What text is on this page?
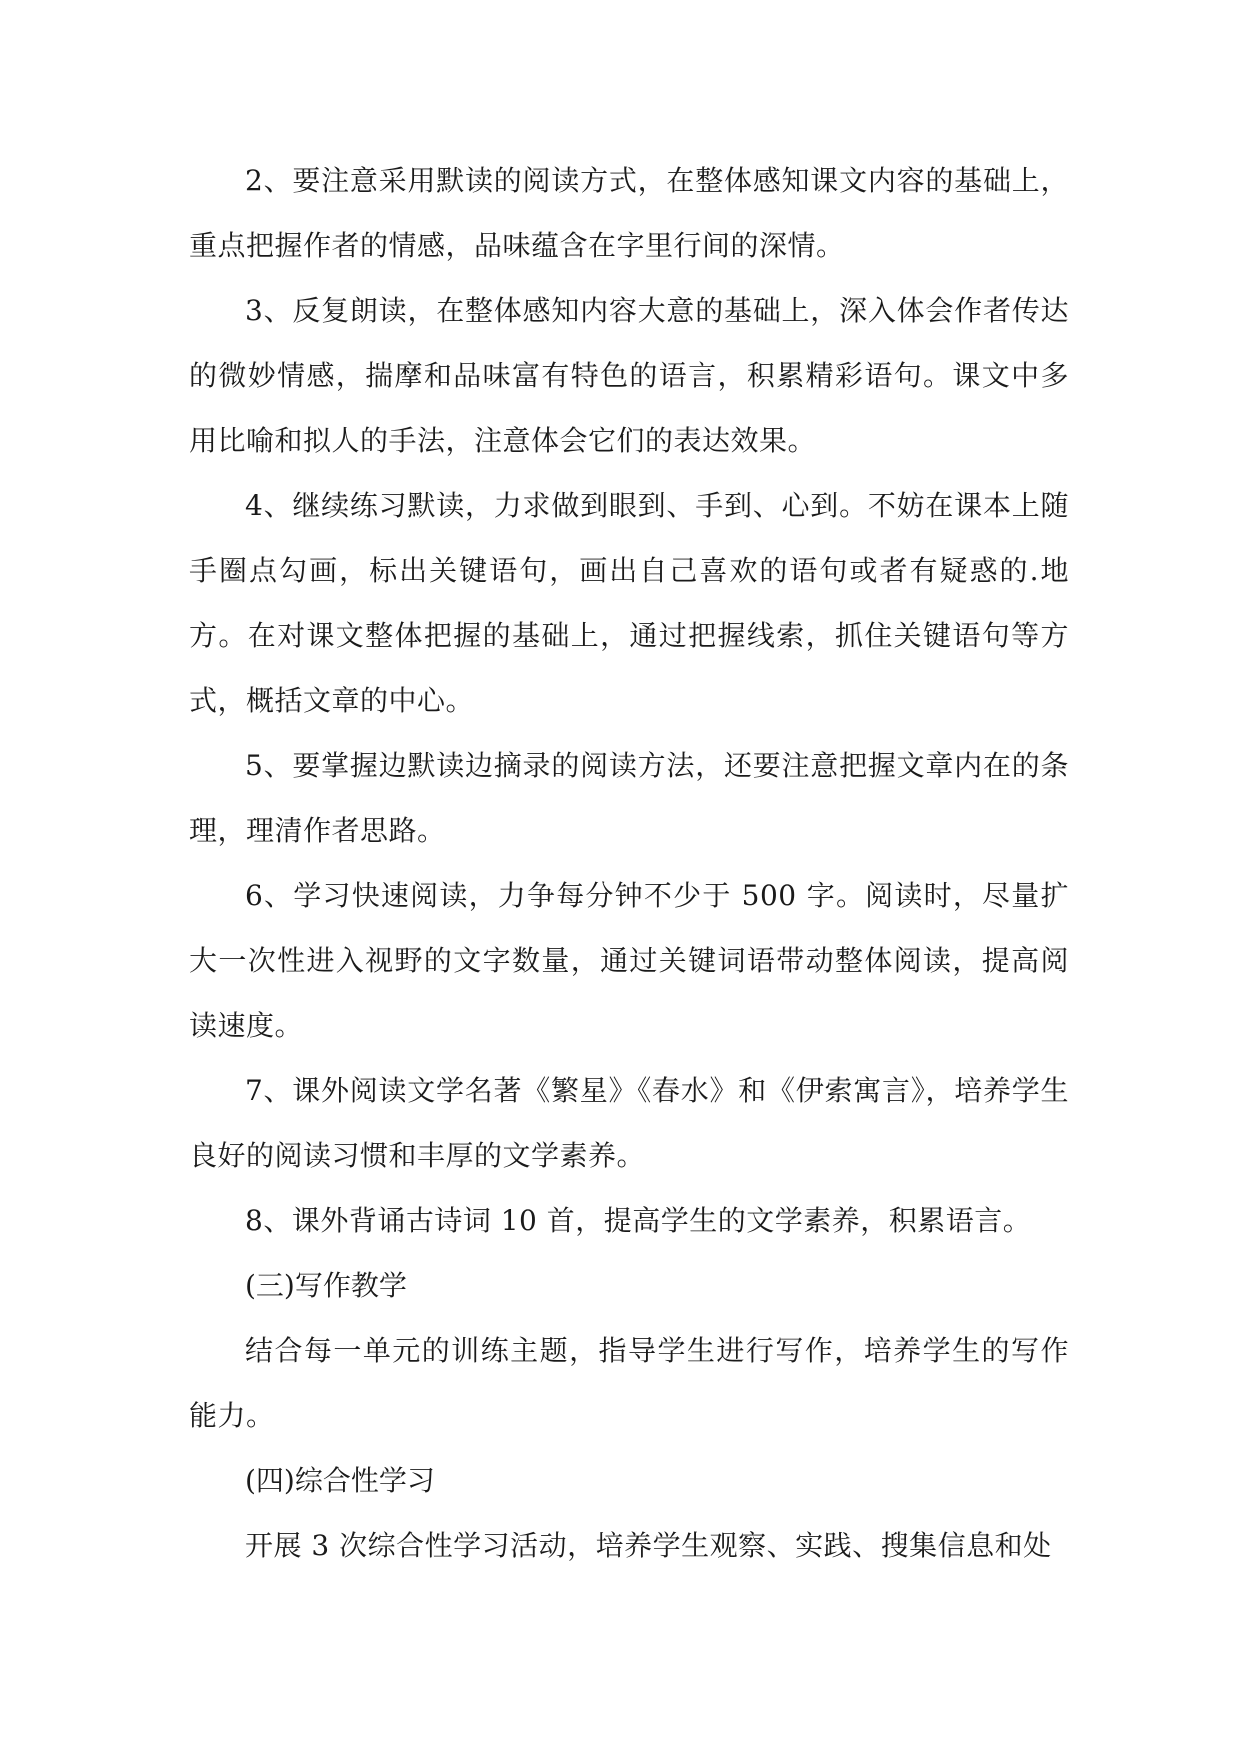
2、要注意采用默读的阅读方式，在整体感知课文内容的基础上，重点把握作者的情感，品味蕴含在字里行间的深情。

3、反复朗读，在整体感知内容大意的基础上，深入体会作者传达的微妙情感，揣摩和品味富有特色的语言，积累精彩语句。课文中多用比喻和拟人的手法，注意体会它们的表达效果。

4、继续练习默读，力求做到眼到、手到、心到。不妨在课本上随手圈点勾画，标出关键语句，画出自己喜欢的语句或者有疑惑的.地方。在对课文整体把握的基础上，通过把握线索，抓住关键语句等方式，概括文章的中心。

5、要掌握边默读边摘录的阅读方法，还要注意把握文章内在的条理，理清作者思路。

6、学习快速阅读，力争每分钟不少于 500 字。阅读时，尽量扩大一次性进入视野的文字数量，通过关键词语带动整体阅读，提高阅读速度。

7、课外阅读文学名著《繁星》《春水》和《伊索寓言》，培养学生良好的阅读习惯和丰厚的文学素养。

8、课外背诵古诗词 10 首，提高学生的文学素养，积累语言。

(三)写作教学

结合每一单元的训练主题，指导学生进行写作，培养学生的写作能力。

(四)综合性学习

开展 3 次综合性学习活动，培养学生观察、实践、搜集信息和处
